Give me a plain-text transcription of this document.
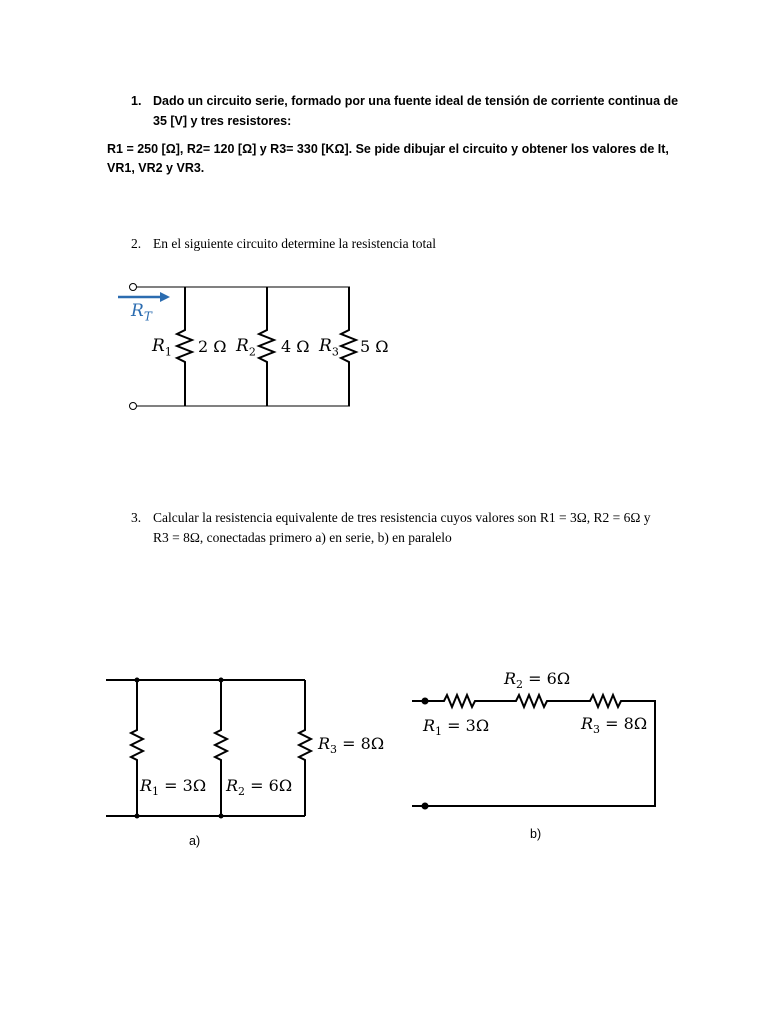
1. Dado un circuito serie, formado por una fuente ideal de tensión de corriente continua de
35 [V] y tres resistores:
R1 = 250 [Ω], R2= 120 [Ω] y R3= 330 [KΩ]. Se pide dibujar el circuito y obtener los valores de It,
VR1, VR2 y VR3.
2. En el siguiente circuito determine la resistencia total
$R_T$
$R_1$ 2 Ω $R_2$ 4 Ω $R_3$ 5 Ω
3. Calcular la resistencia equivalente de tres resistencia cuyos valores son R1 = 3Ω, R2 = 6Ω y
R3 = 8Ω, conectadas primero a) en serie, b) en paralelo
$R_1 = 3\Omega$ $R_2 = 6\Omega$
$R_3 = 8\Omega$
a)
$R_2 = 6\Omega$
$R_1 = 3\Omega$	$R_3 = 8\Omega$
b)
